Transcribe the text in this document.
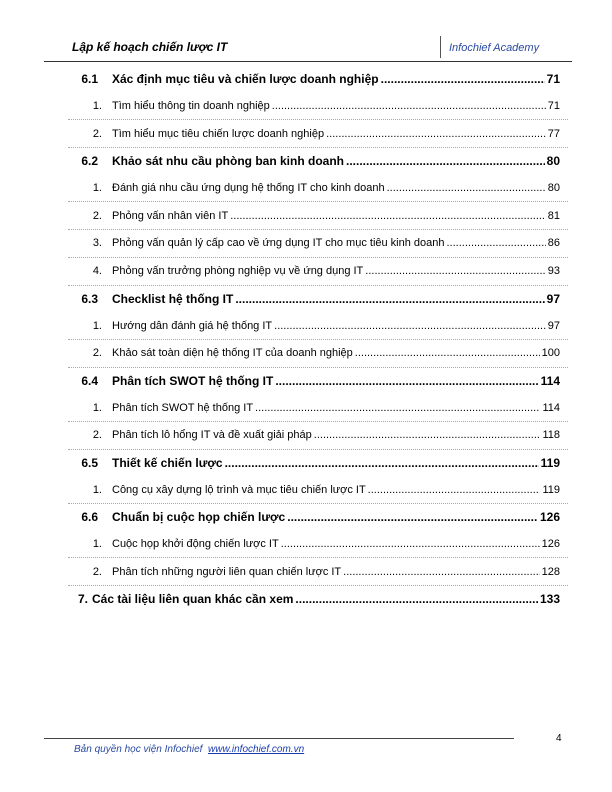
Lập kế hoạch chiến lược IT	Infochief Academy
6.1 Xác định mục tiêu và chiến lược doanh nghiệp .....	71
1. Tìm hiểu thông tin doanh nghiệp .....	71
2. Tìm hiểu mục tiêu chiến lược doanh nghiệp .....	77
6.2 Khảo sát nhu cầu phòng ban kinh doanh .....	80
1. Đánh giá nhu cầu ứng dụng hệ thống IT cho kinh doanh .....	80
2. Phỏng vấn nhân viên IT .....	81
3. Phỏng vấn quản lý cấp cao về ứng dụng IT cho mục tiêu kinh doanh .....	86
4. Phỏng vấn trưởng phòng nghiệp vụ về ứng dụng IT .....	93
6.3 Checklist hệ thống IT .....	97
1. Hướng dẫn đánh giá hệ thống IT .....	97
2. Khảo sát toàn diện hệ thống IT của doanh nghiệp .....	100
6.4 Phân tích SWOT hệ thống IT .....	114
1. Phân tích SWOT hệ thống IT .....	114
2. Phân tích lỗ hổng IT và đề xuất giải pháp .....	118
6.5 Thiết kế chiến lược .....	119
1. Công cụ xây dựng lộ trình và mục tiêu chiến lược IT .....	119
6.6 Chuẩn bị cuộc họp chiến lược .....	126
1. Cuộc họp khởi động chiến lược IT .....	126
2. Phân tích những người liên quan chiến lược IT .....	128
7. Các tài liệu liên quan khác cần xem .....	133
4
Bản quyền học viện Infochief www.infochief.com.vn
